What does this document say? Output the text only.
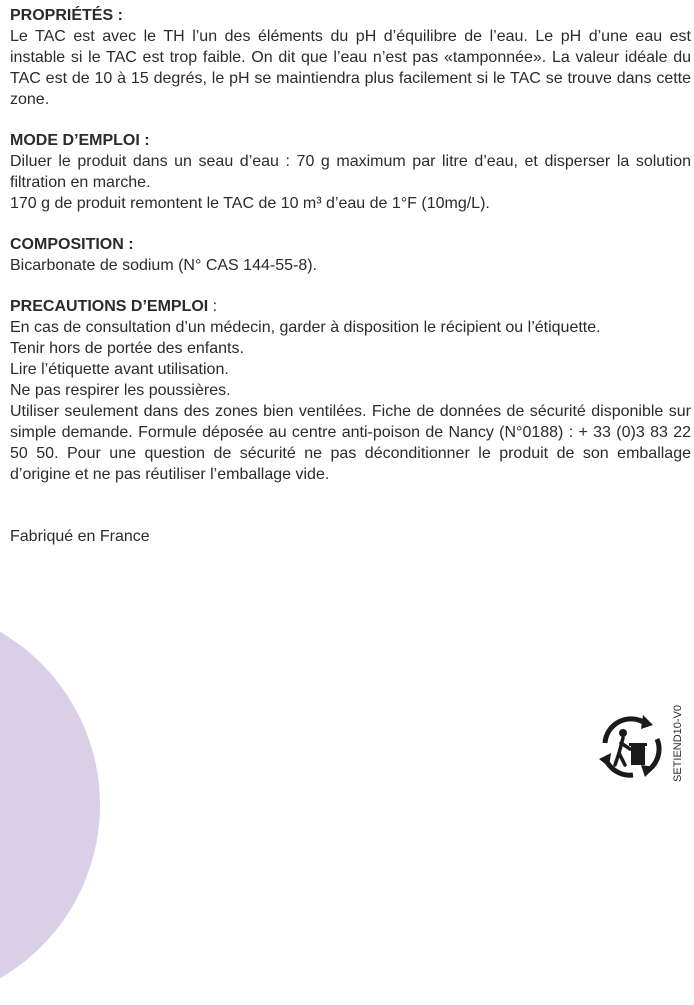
PROPRIÉTÉS :

Le TAC est avec le TH l’un des éléments du pH d’équilibre de l’eau. Le pH d’une eau est instable si le TAC est trop faible. On dit que l’eau n’est pas «tamponnée». La valeur idéale du TAC est de 10 à 15 degrés, le pH se maintiendra plus facilement si le TAC se trouve dans cette zone.

MODE D’EMPLOI :

Diluer le produit dans un seau d’eau : 70 g maximum par litre d’eau, et disperser la solution filtration en marche.

170 g de produit remontent le TAC de 10 m³ d’eau de 1°F (10mg/L).

COMPOSITION :

Bicarbonate de sodium (N° CAS 144-55-8).

PRECAUTIONS D’EMPLOI :

En cas de consultation d’un médecin, garder à disposition le récipient ou l’étiquette.

Tenir hors de portée des enfants.

Lire l’étiquette avant utilisation.

Ne pas respirer les poussières.

Utiliser seulement dans des zones bien ventilées. Fiche de données de sécurité disponible sur simple demande. Formule déposée au centre anti-poison de Nancy (N°0188) : + 33 (0)3 83 22 50 50. Pour une question de sécurité ne pas déconditionner le produit de son emballage d’origine et ne pas réutiliser l’emballage vide.

Fabriqué en France
SETIEND10-V0
